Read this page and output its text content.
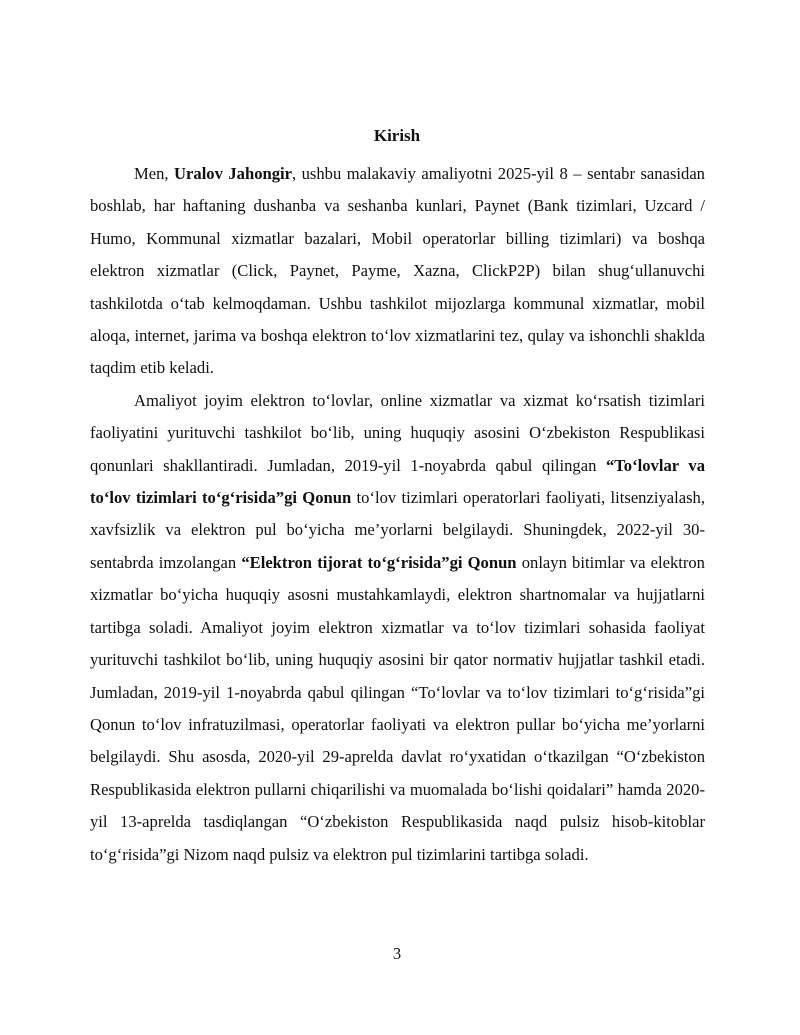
Kirish

Men, Uralov Jahongir, ushbu malakaviy amaliyotni 2025-yil 8 – sentabr sanasidan boshlab, har haftaning dushanba va seshanba kunlari, Paynet (Bank tizimlari, Uzcard / Humo, Kommunal xizmatlar bazalari, Mobil operatorlar billing tizimlari) va boshqa elektron xizmatlar (Click, Paynet, Payme, Xazna, ClickP2P) bilan shug‘ullanuvchi tashkilotda o‘tab kelmoqdaman. Ushbu tashkilot mijozlarga kommunal xizmatlar, mobil aloqa, internet, jarima va boshqa elektron to‘lov xizmatlarini tez, qulay va ishonchli shaklda taqdim etib keladi.

Amaliyot joyim elektron to‘lovlar, online xizmatlar va xizmat ko‘rsatish tizimlari faoliyatini yurituvchi tashkilot bo‘lib, uning huquqiy asosini O‘zbekiston Respublikasi qonunlari shakllantiradi. Jumladan, 2019-yil 1-noyabrda qabul qilingan “To‘lovlar va to‘lov tizimlari to‘g‘risida”gi Qonun to‘lov tizimlari operatorlari faoliyati, litsenziyalash, xavfsizlik va elektron pul bo‘yicha me’yorlarni belgilaydi. Shuningdek, 2022-yil 30-sentabrda imzolangan “Elektron tijorat to‘g‘risida”gi Qonun onlayn bitimlar va elektron xizmatlar bo‘yicha huquqiy asosni mustahkamlaydi, elektron shartnomalar va hujjatlarni tartibga soladi. Amaliyot joyim elektron xizmatlar va to‘lov tizimlari sohasida faoliyat yurituvchi tashkilot bo‘lib, uning huquqiy asosini bir qator normativ hujjatlar tashkil etadi. Jumladan, 2019-yil 1-noyabrda qabul qilingan “To‘lovlar va to‘lov tizimlari to‘g‘risida”gi Qonun to‘lov infratuzilmasi, operatorlar faoliyati va elektron pullar bo‘yicha me’yorlarni belgilaydi. Shu asosda, 2020-yil 29-aprelda davlat ro‘yxatidan o‘tkazilgan “O‘zbekiston Respublikasida elektron pullarni chiqarilishi va muomalada bo‘lishi qoidalari” hamda 2020-yil 13-aprelda tasdiqlangan “O‘zbekiston Respublikasida naqd pulsiz hisob-kitoblar to‘g‘risida”gi Nizom naqd pulsiz va elektron pul tizimlarini tartibga soladi.

3
